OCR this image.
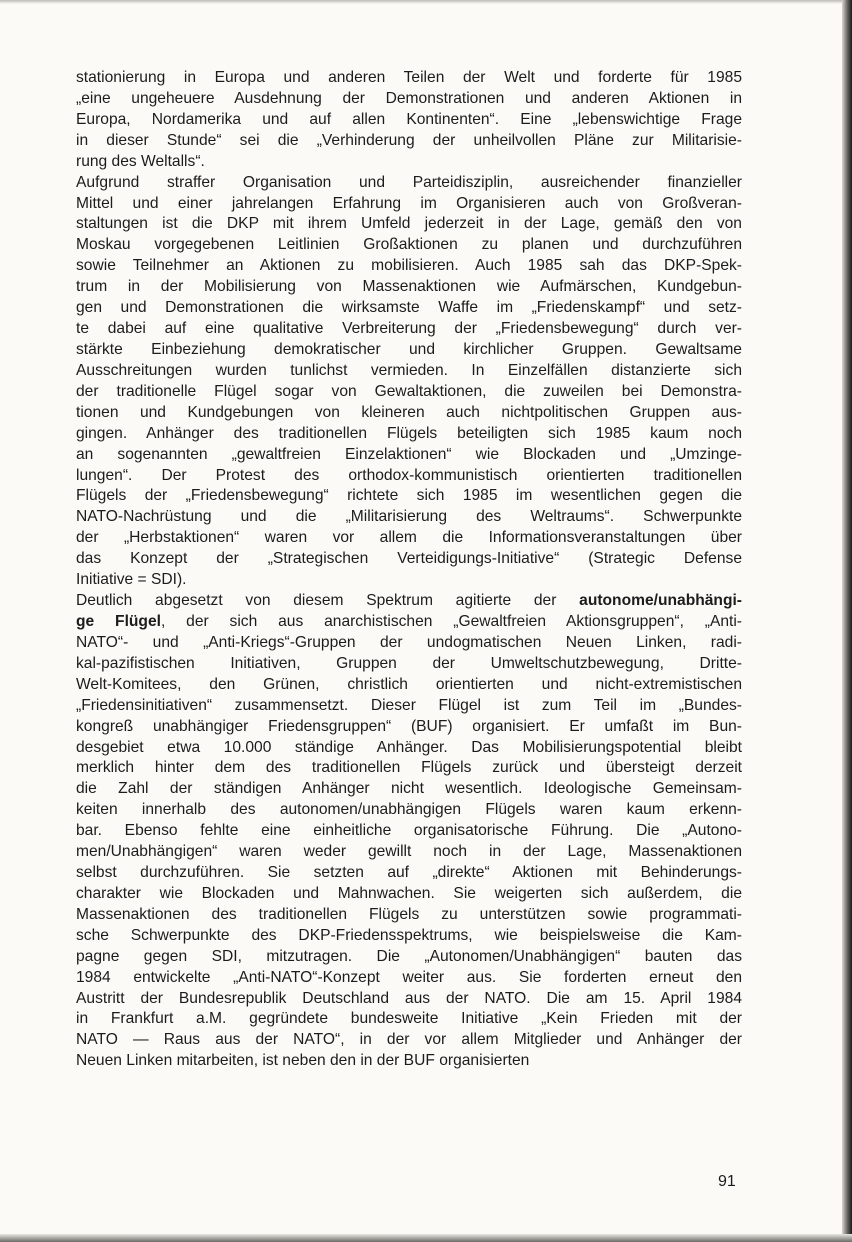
stationierung in Europa und anderen Teilen der Welt und forderte für 1985
„eine ungeheuere Ausdehnung der Demonstrationen und anderen Aktionen in
Europa, Nordamerika und auf allen Kontinenten“. Eine „lebenswichtige Frage
in dieser Stunde“ sei die „Verhinderung der unheilvollen Pläne zur Militarisie-
rung des Weltalls“.
Aufgrund straffer Organisation und Parteidisziplin, ausreichender finanzieller
Mittel und einer jahrelangen Erfahrung im Organisieren auch von Großveran-
staltungen ist die DKP mit ihrem Umfeld jederzeit in der Lage, gemäß den von
Moskau vorgegebenen Leitlinien Großaktionen zu planen und durchzuführen
sowie Teilnehmer an Aktionen zu mobilisieren. Auch 1985 sah das DKP-Spek-
trum in der Mobilisierung von Massenaktionen wie Aufmärschen, Kundgebun-
gen und Demonstrationen die wirksamste Waffe im „Friedenskampf“ und setz-
te dabei auf eine qualitative Verbreiterung der „Friedensbewegung“ durch ver-
stärkte Einbeziehung demokratischer und kirchlicher Gruppen. Gewaltsame
Ausschreitungen wurden tunlichst vermieden. In Einzelfällen distanzierte sich
der traditionelle Flügel sogar von Gewaltaktionen, die zuweilen bei Demonstra-
tionen und Kundgebungen von kleineren auch nichtpolitischen Gruppen aus-
gingen. Anhänger des traditionellen Flügels beteiligten sich 1985 kaum noch
an sogenannten „gewaltfreien Einzelaktionen“ wie Blockaden und „Umzinge-
lungen“. Der Protest des orthodox-kommunistisch orientierten traditionellen
Flügels der „Friedensbewegung“ richtete sich 1985 im wesentlichen gegen die
NATO-Nachrüstung und die „Militarisierung des Weltraums“. Schwerpunkte
der „Herbstaktionen“ waren vor allem die Informationsveranstaltungen über
das Konzept der „Strategischen Verteidigungs-Initiative“ (Strategic Defense
Initiative = SDI).
Deutlich abgesetzt von diesem Spektrum agitierte der autonome/unabhängi-
ge Flügel, der sich aus anarchistischen „Gewaltfreien Aktionsgruppen“, „Anti-
NATO“- und „Anti-Kriegs“-Gruppen der undogmatischen Neuen Linken, radi-
kal-pazifistischen Initiativen, Gruppen der Umweltschutzbewegung, Dritte-
Welt-Komitees, den Grünen, christlich orientierten und nicht-extremistischen
„Friedensinitiativen“ zusammensetzt. Dieser Flügel ist zum Teil im „Bundes-
kongreß unabhängiger Friedensgruppen“ (BUF) organisiert. Er umfaßt im Bun-
desgebiet etwa 10.000 ständige Anhänger. Das Mobilisierungspotential bleibt
merklich hinter dem des traditionellen Flügels zurück und übersteigt derzeit
die Zahl der ständigen Anhänger nicht wesentlich. Ideologische Gemeinsam-
keiten innerhalb des autonomen/unabhängigen Flügels waren kaum erkenn-
bar. Ebenso fehlte eine einheitliche organisatorische Führung. Die „Autono-
men/Unabhängigen“ waren weder gewillt noch in der Lage, Massenaktionen
selbst durchzuführen. Sie setzten auf „direkte“ Aktionen mit Behinderungs-
charakter wie Blockaden und Mahnwachen. Sie weigerten sich außerdem, die
Massenaktionen des traditionellen Flügels zu unterstützen sowie programmati-
sche Schwerpunkte des DKP-Friedensspektrums, wie beispielsweise die Kam-
pagne gegen SDI, mitzutragen. Die „Autonomen/Unabhängigen“ bauten das
1984 entwickelte „Anti-NATO“-Konzept weiter aus. Sie forderten erneut den
Austritt der Bundesrepublik Deutschland aus der NATO. Die am 15. April 1984
in Frankfurt a.M. gegründete bundesweite Initiative „Kein Frieden mit der
NATO — Raus aus der NATO“, in der vor allem Mitglieder und Anhänger der
Neuen Linken mitarbeiten, ist neben den in der BUF organisierten
91
